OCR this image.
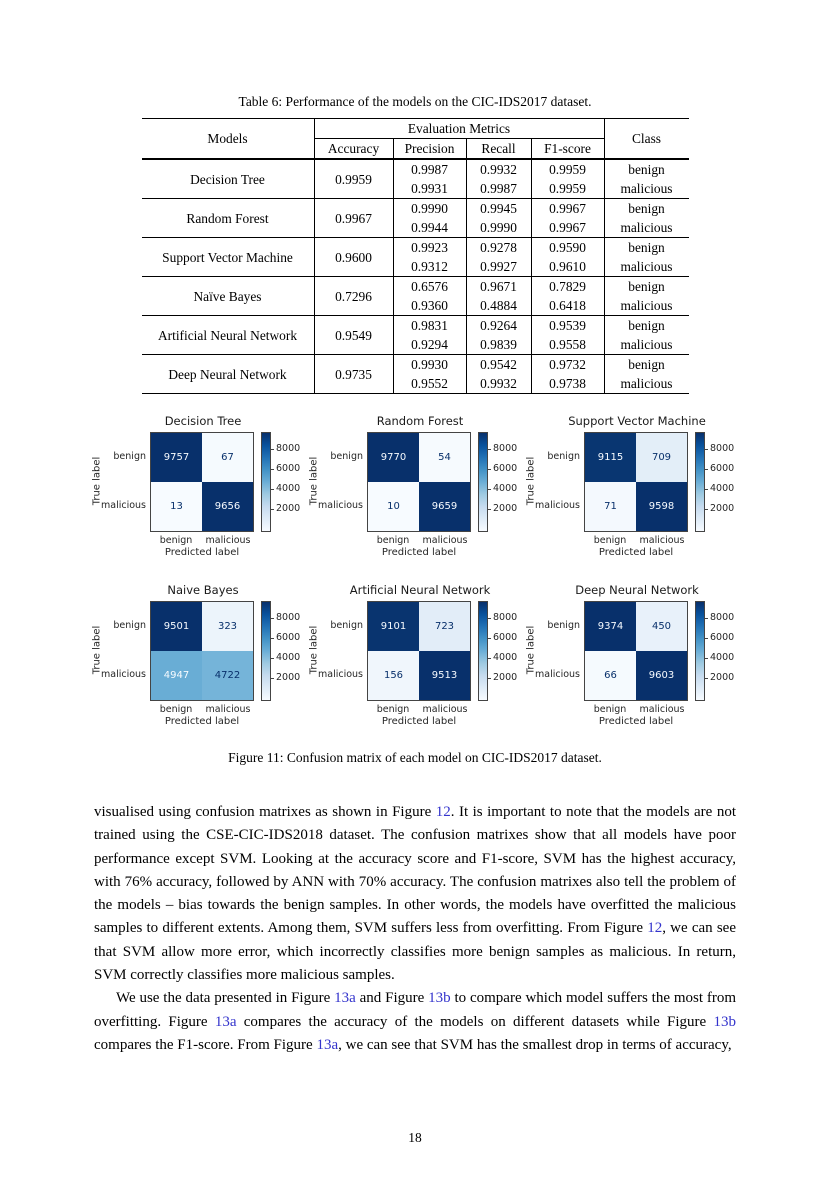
Table 6: Performance of the models on the CIC-IDS2017 dataset.
Models	Evaluation Metrics				Class
	Accuracy	Precision	Recall	F1-score	
Decision Tree	0.9959	0.9987	0.9932	0.9959	benign
		0.9931	0.9987	0.9959	malicious
Random Forest	0.9967	0.9990	0.9945	0.9967	benign
		0.9944	0.9990	0.9967	malicious
Support Vector Machine	0.9600	0.9923	0.9278	0.9590	benign
		0.9312	0.9927	0.9610	malicious
Naïve Bayes	0.7296	0.6576	0.9671	0.7829	benign
		0.9360	0.4884	0.6418	malicious
Artificial Neural Network	0.9549	0.9831	0.9264	0.9539	benign
		0.9294	0.9839	0.9558	malicious
Deep Neural Network	0.9735	0.9930	0.9542	0.9732	benign
		0.9552	0.9932	0.9738	malicious
Decision Tree
True label
benign
malicious
9757	67
13	9656
benign	malicious
Predicted label
8000
6000
4000
2000
Random Forest
True label
benign
malicious
9770	54
10	9659
benign	malicious
Predicted label
8000
6000
4000
2000
Support Vector Machine
True label
benign
malicious
9115	709
71	9598
benign	malicious
Predicted label
8000
6000
4000
2000
Naive Bayes
True label
benign
malicious
9501	323
4947	4722
benign	malicious
Predicted label
8000
6000
4000
2000
Artificial Neural Network
True label
benign
malicious
9101	723
156	9513
benign	malicious
Predicted label
8000
6000
4000
2000
Deep Neural Network
True label
benign
malicious
9374	450
66	9603
benign	malicious
Predicted label
8000
6000
4000
2000
Figure 11: Confusion matrix of each model on CIC-IDS2017 dataset.

visualised using confusion matrixes as shown in Figure 12. It is important to note that the models are not trained using the CSE-CIC-IDS2018 dataset. The confusion matrixes show that all models have poor performance except SVM. Looking at the accuracy score and F1-score, SVM has the highest accuracy, with 76% accuracy, followed by ANN with 70% accuracy. The confusion matrixes also tell the problem of the models – bias towards the benign samples. In other words, the models have overfitted the malicious samples to different extents. Among them, SVM suffers less from overfitting. From Figure 12, we can see that SVM allow more error, which incorrectly classifies more benign samples as malicious. In return, SVM correctly classifies more malicious samples.

We use the data presented in Figure 13a and Figure 13b to compare which model suffers the most from overfitting. Figure 13a compares the accuracy of the models on different datasets while Figure 13b compares the F1-score. From Figure 13a, we can see that SVM has the smallest drop in terms of accuracy,

18
